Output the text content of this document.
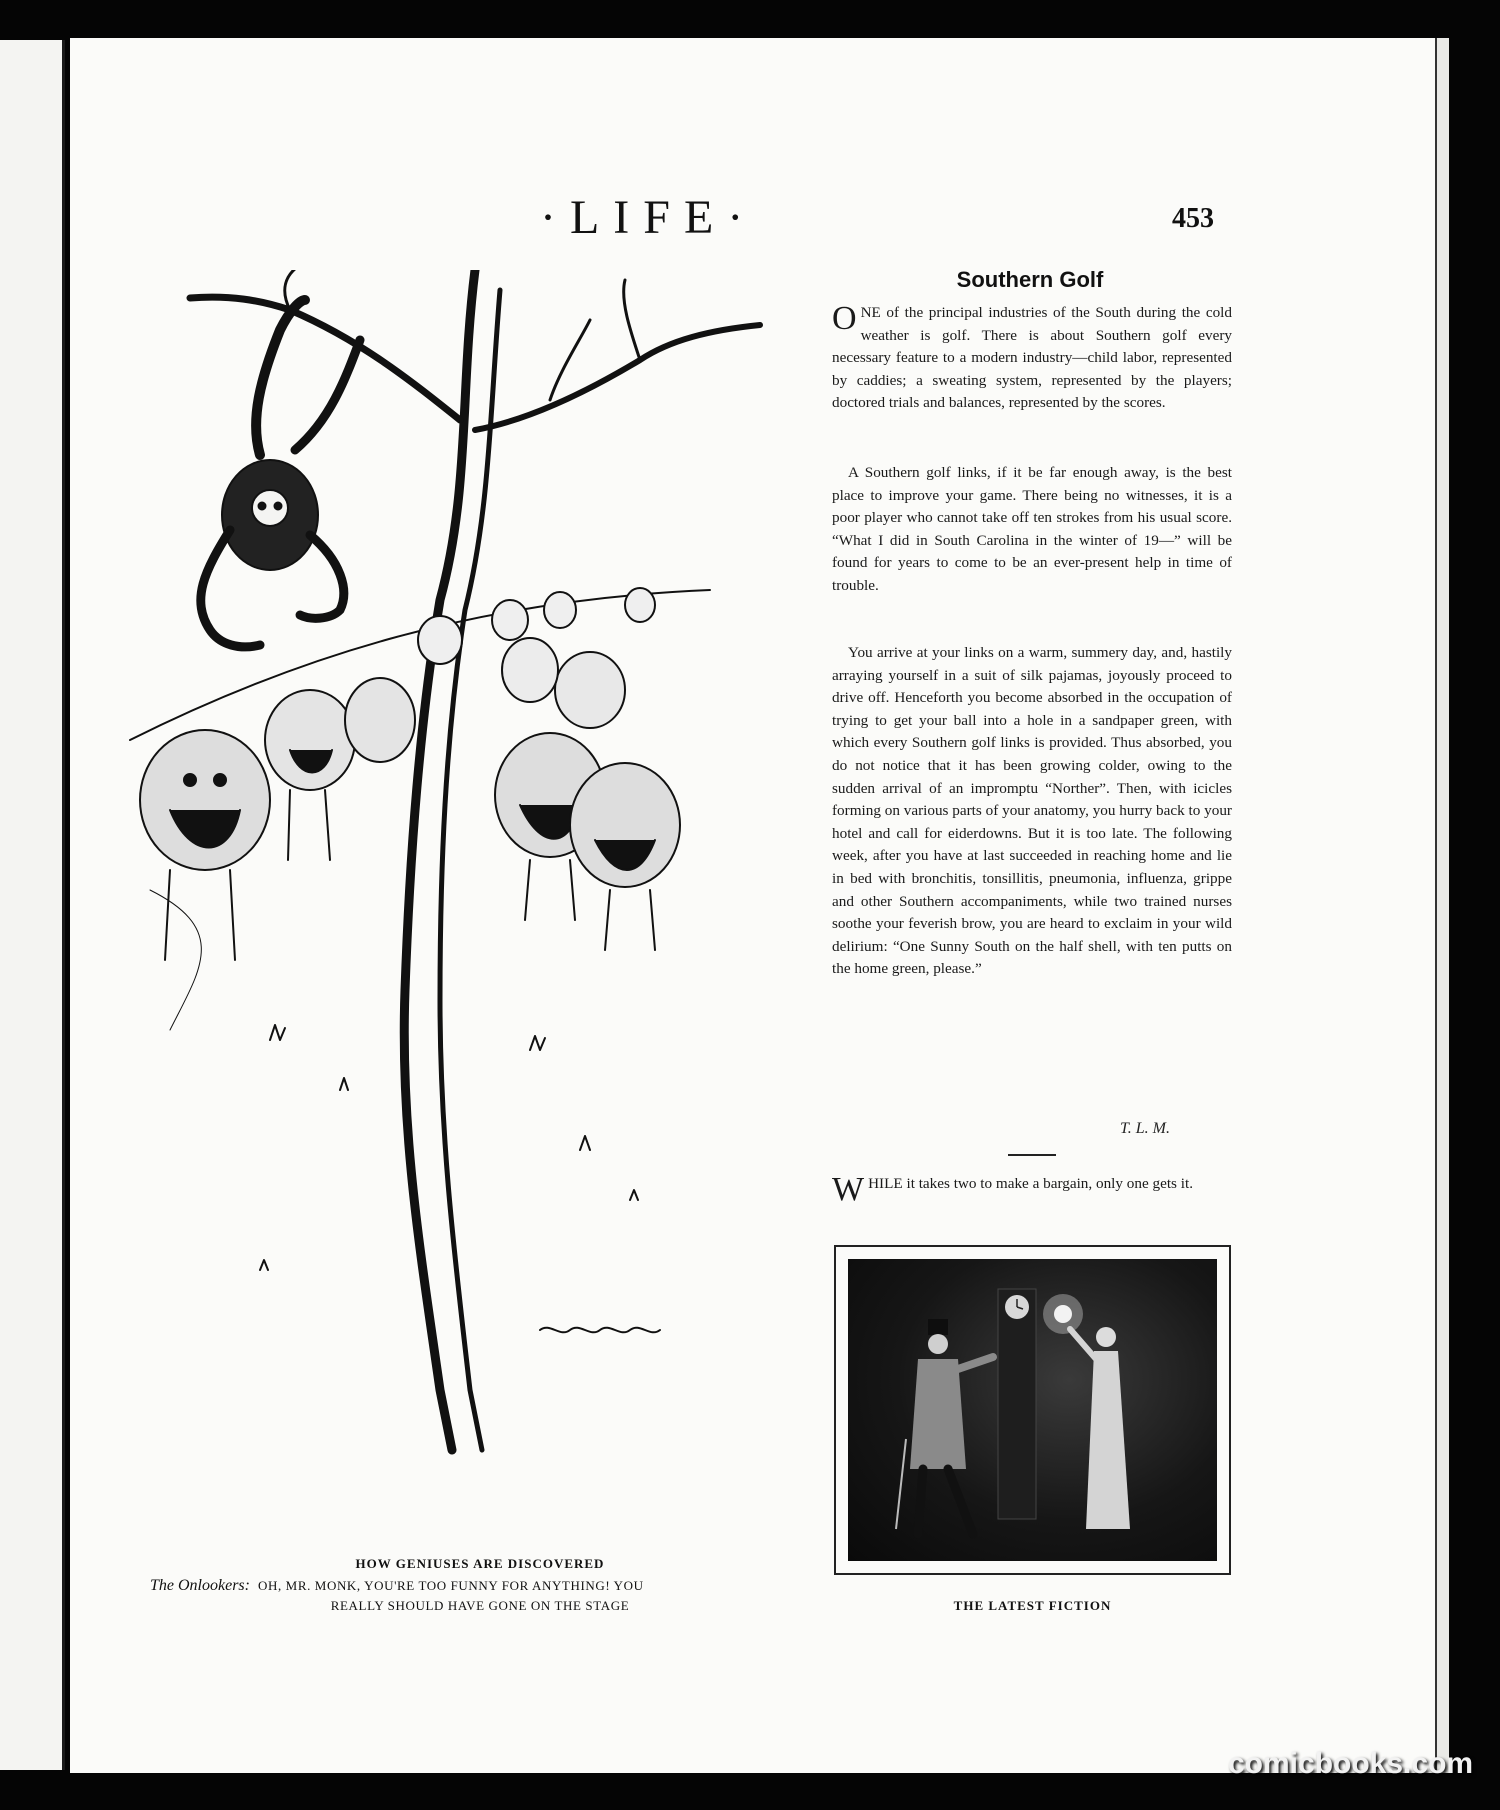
·LIFE·	453
HOW GENIUSES ARE DISCOVERED
The Onlookers: OH, MR. MONK, YOU'RE TOO FUNNY FOR ANYTHING! YOU
REALLY SHOULD HAVE GONE ON THE STAGE
Southern Golf

ONE of the principal industries of the South during the cold weather is golf. There is about Southern golf every necessary feature to a modern industry—child labor, represented by caddies; a sweating system, represented by the players; doctored trials and balances, represented by the scores.

A Southern golf links, if it be far enough away, is the best place to improve your game. There being no witnesses, it is a poor player who cannot take off ten strokes from his usual score. “What I did in South Carolina in the winter of 19—” will be found for years to come to be an ever-present help in time of trouble.

You arrive at your links on a warm, summery day, and, hastily arraying yourself in a suit of silk pajamas, joyously proceed to drive off. Henceforth you become absorbed in the occupation of trying to get your ball into a hole in a sandpaper green, with which every Southern golf links is provided. Thus absorbed, you do not notice that it has been growing colder, owing to the sudden arrival of an impromptu “Norther”. Then, with icicles forming on various parts of your anatomy, you hurry back to your hotel and call for eiderdowns. But it is too late. The following week, after you have at last succeeded in reaching home and lie in bed with bronchitis, tonsillitis, pneumonia, influenza, grippe and other Southern accompaniments, while two trained nurses soothe your feverish brow, you are heard to exclaim in your wild delirium: “One Sunny South on the half shell, with ten putts on the home green, please.”

T. L. M.
WHILE it takes two to make a bargain, only one gets it.
THE LATEST FICTION
comicbooks.com
